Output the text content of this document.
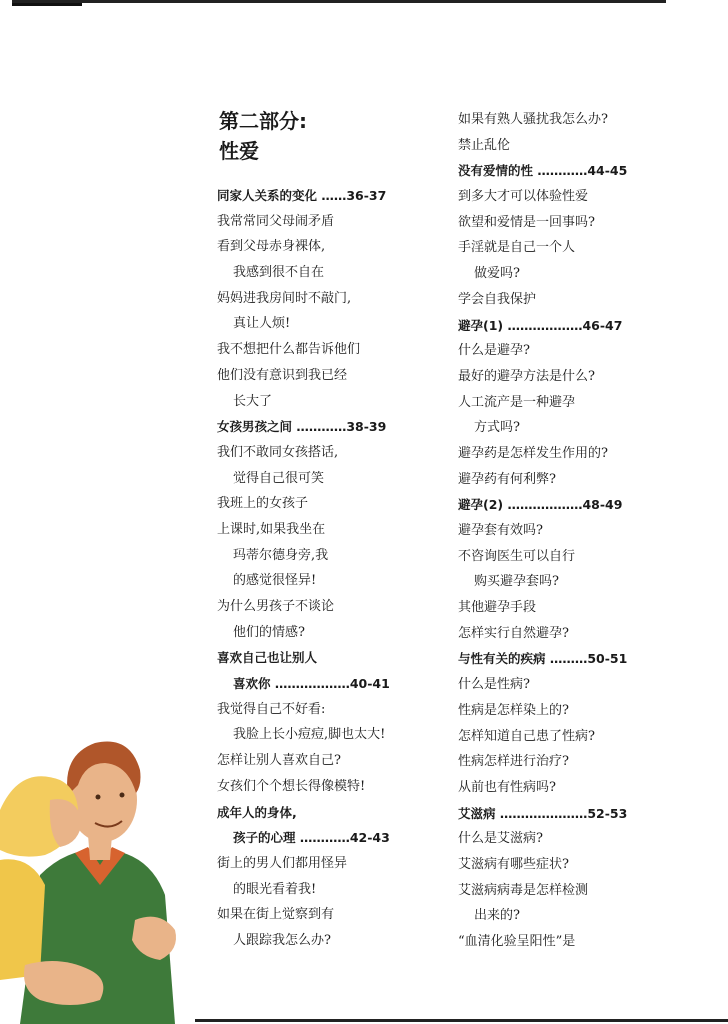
第二部分:
性爱
同家人关系的变化 ……36-37
我常常同父母闹矛盾
看到父母赤身裸体,
我感到很不自在
妈妈进我房间时不敲门,
真让人烦!
我不想把什么都告诉他们
他们没有意识到我已经
长大了
女孩男孩之间 …………38-39
我们不敢同女孩搭话,
觉得自己很可笑
我班上的女孩子
上课时,如果我坐在
玛蒂尔德身旁,我
的感觉很怪异!
为什么男孩子不谈论
他们的情感?
喜欢自己也让别人
喜欢你 ………………40-41
我觉得自己不好看:
我脸上长小痘痘,脚也太大!
怎样让别人喜欢自己?
女孩们个个想长得像模特!
成年人的身体,
孩子的心理 …………42-43
街上的男人们都用怪异
的眼光看着我!
如果在街上觉察到有
人跟踪我怎么办?
如果有熟人骚扰我怎么办?
禁止乱伦
没有爱情的性 …………44-45
到多大才可以体验性爱
欲望和爱情是一回事吗?
手淫就是自己一个人
做爱吗?
学会自我保护
避孕(1) ………………46-47
什么是避孕?
最好的避孕方法是什么?
人工流产是一种避孕
方式吗?
避孕药是怎样发生作用的?
避孕药有何利弊?
避孕(2) ………………48-49
避孕套有效吗?
不咨询医生可以自行
购买避孕套吗?
其他避孕手段
怎样实行自然避孕?
与性有关的疾病 ………50-51
什么是性病?
性病是怎样染上的?
怎样知道自己患了性病?
性病怎样进行治疗?
从前也有性病吗?
艾滋病 …………………52-53
什么是艾滋病?
艾滋病有哪些症状?
艾滋病病毒是怎样检测
出来的?
“血清化验呈阳性”是
